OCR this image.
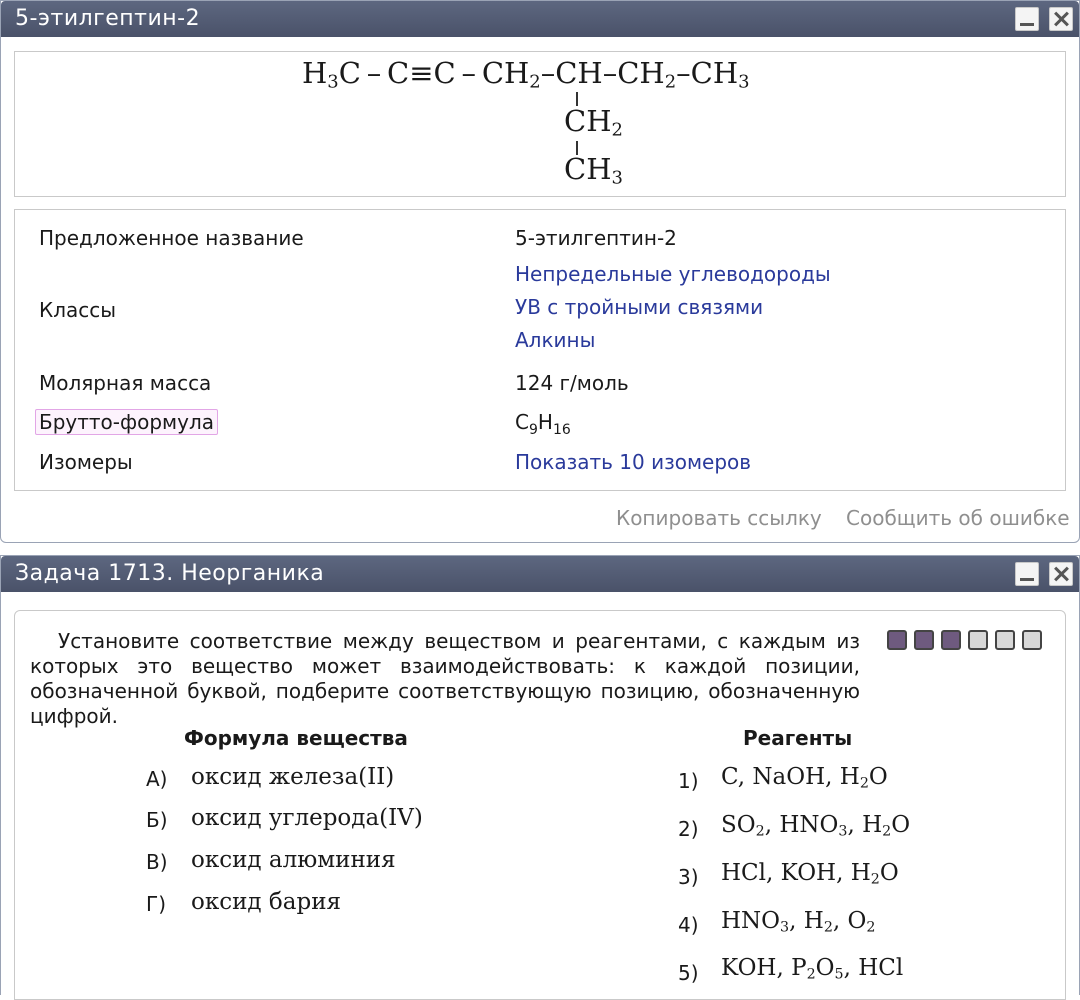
5-этилгептин-2
$H_3C - C\equiv C - CH_2-CH-CH_2-CH_3$
$CH_2$
$CH_3$
Предложенное название	5-этилгептин-2
Непредельные углеводороды
Классы	УВ с тройными связями
Алкины
Молярная масса	124 г/моль
Брутто-формула	$C_9H_{16}$
Изомеры	Показать 10 изомеров
Копировать ссылку Сообщить об ошибке
Задача 1713. Неорганика
Установите соответствие между веществом и реагентами, с каждым из которых это вещество может взаимодействовать: к каждой позиции, обозначенной буквой, подберите соответствующую позицию, обозначенную цифрой.
Формула вещества	Реагенты
А) оксид железа(II)
Б) оксид углерода(IV)
В) оксид алюминия
Г) оксид бария
1) C, NaOH, $H_2O$
2) $SO_2$, $HNO_3$, $H_2O$
3) HCl, KOH, $H_2O$
4) $HNO_3$, $H_2$, $O_2$
5) KOH, $P_2O_5$, HCl
